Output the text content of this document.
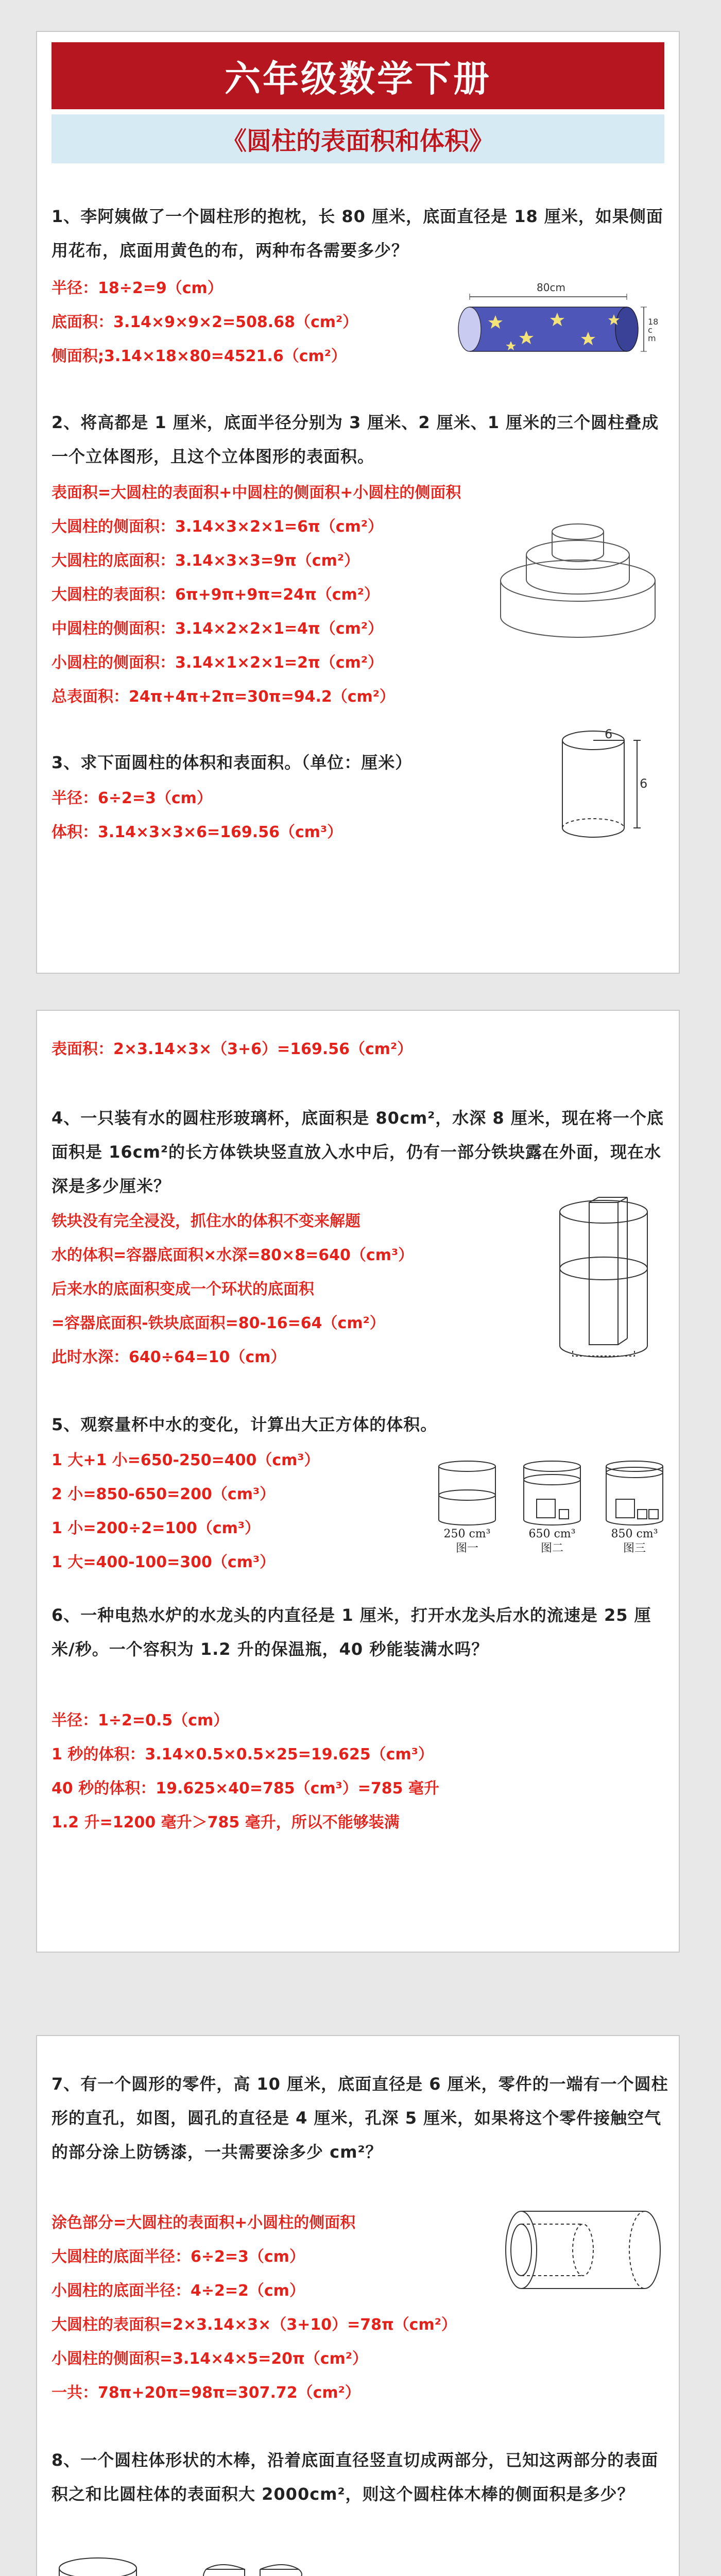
六年级数学下册
《圆柱的表面积和体积》
1、李阿姨做了一个圆柱形的抱枕，长 80 厘米，底面直径是 18 厘米，如果侧面用花布，底面用黄色的布，两种布各需要多少？
半径：18÷2=9（cm）
底面积：3.14×9×9×2=508.68（cm²）
侧面积;3.14×18×80=4521.6（cm²）
80cm
18cm
2、将高都是 1 厘米，底面半径分别为 3 厘米、2 厘米、1 厘米的三个圆柱叠成一个立体图形，且这个立体图形的表面积。
表面积=大圆柱的表面积+中圆柱的侧面积+小圆柱的侧面积
大圆柱的侧面积：3.14×3×2×1=6π（cm²）
大圆柱的底面积：3.14×3×3=9π（cm²）
大圆柱的表面积：6π+9π+9π=24π（cm²）
中圆柱的侧面积：3.14×2×2×1=4π（cm²）
小圆柱的侧面积：3.14×1×2×1=2π（cm²）
总表面积：24π+4π+2π=30π=94.2（cm²）
3、求下面圆柱的体积和表面积。（单位：厘米）
半径：6÷2=3（cm）
体积：3.14×3×3×6=169.56（cm³）
6
6
表面积：2×3.14×3×（3+6）=169.56（cm²）
4、一只装有水的圆柱形玻璃杯，底面积是 80cm²，水深 8 厘米，现在将一个底面积是 16cm²的长方体铁块竖直放入水中后，仍有一部分铁块露在外面，现在水深是多少厘米？
铁块没有完全浸没，抓住水的体积不变来解题
水的体积=容器底面积×水深=80×8=640（cm³）
后来水的底面积变成一个环状的底面积
=容器底面积-铁块底面积=80-16=64（cm²）
此时水深：640÷64=10（cm）
5、观察量杯中水的变化，计算出大正方体的体积。
1 大+1 小=650-250=400（cm³）
2 小=850-650=200（cm³）
1 小=200÷2=100（cm³）
1 大=400-100=300（cm³）
250 cm³
图一
650 cm³
图二
850 cm³
图三
6、一种电热水炉的水龙头的内直径是 1 厘米，打开水龙头后水的流速是 25 厘米/秒。一个容积为 1.2 升的保温瓶，40 秒能装满水吗？
半径：1÷2=0.5（cm）
1 秒的体积：3.14×0.5×0.5×25=19.625（cm³）
40 秒的体积：19.625×40=785（cm³）=785 毫升
1.2 升=1200 毫升＞785 毫升，所以不能够装满
7、有一个圆形的零件，高 10 厘米，底面直径是 6 厘米，零件的一端有一个圆柱形的直孔，如图，圆孔的直径是 4 厘米，孔深 5 厘米，如果将这个零件接触空气的部分涂上防锈漆，一共需要涂多少 cm²？
涂色部分=大圆柱的表面积+小圆柱的侧面积
大圆柱的底面半径：6÷2=3（cm）
小圆柱的底面半径：4÷2=2（cm）
大圆柱的表面积=2×3.14×3×（3+10）=78π（cm²）
小圆柱的侧面积=3.14×4×5=20π（cm²）
一共：78π+20π=98π=307.72（cm²）
8、一个圆柱体形状的木棒，沿着底面直径竖直切成两部分，已知这两部分的表面积之和比圆柱体的表面积大 2000cm²，则这个圆柱体木棒的侧面积是多少？
